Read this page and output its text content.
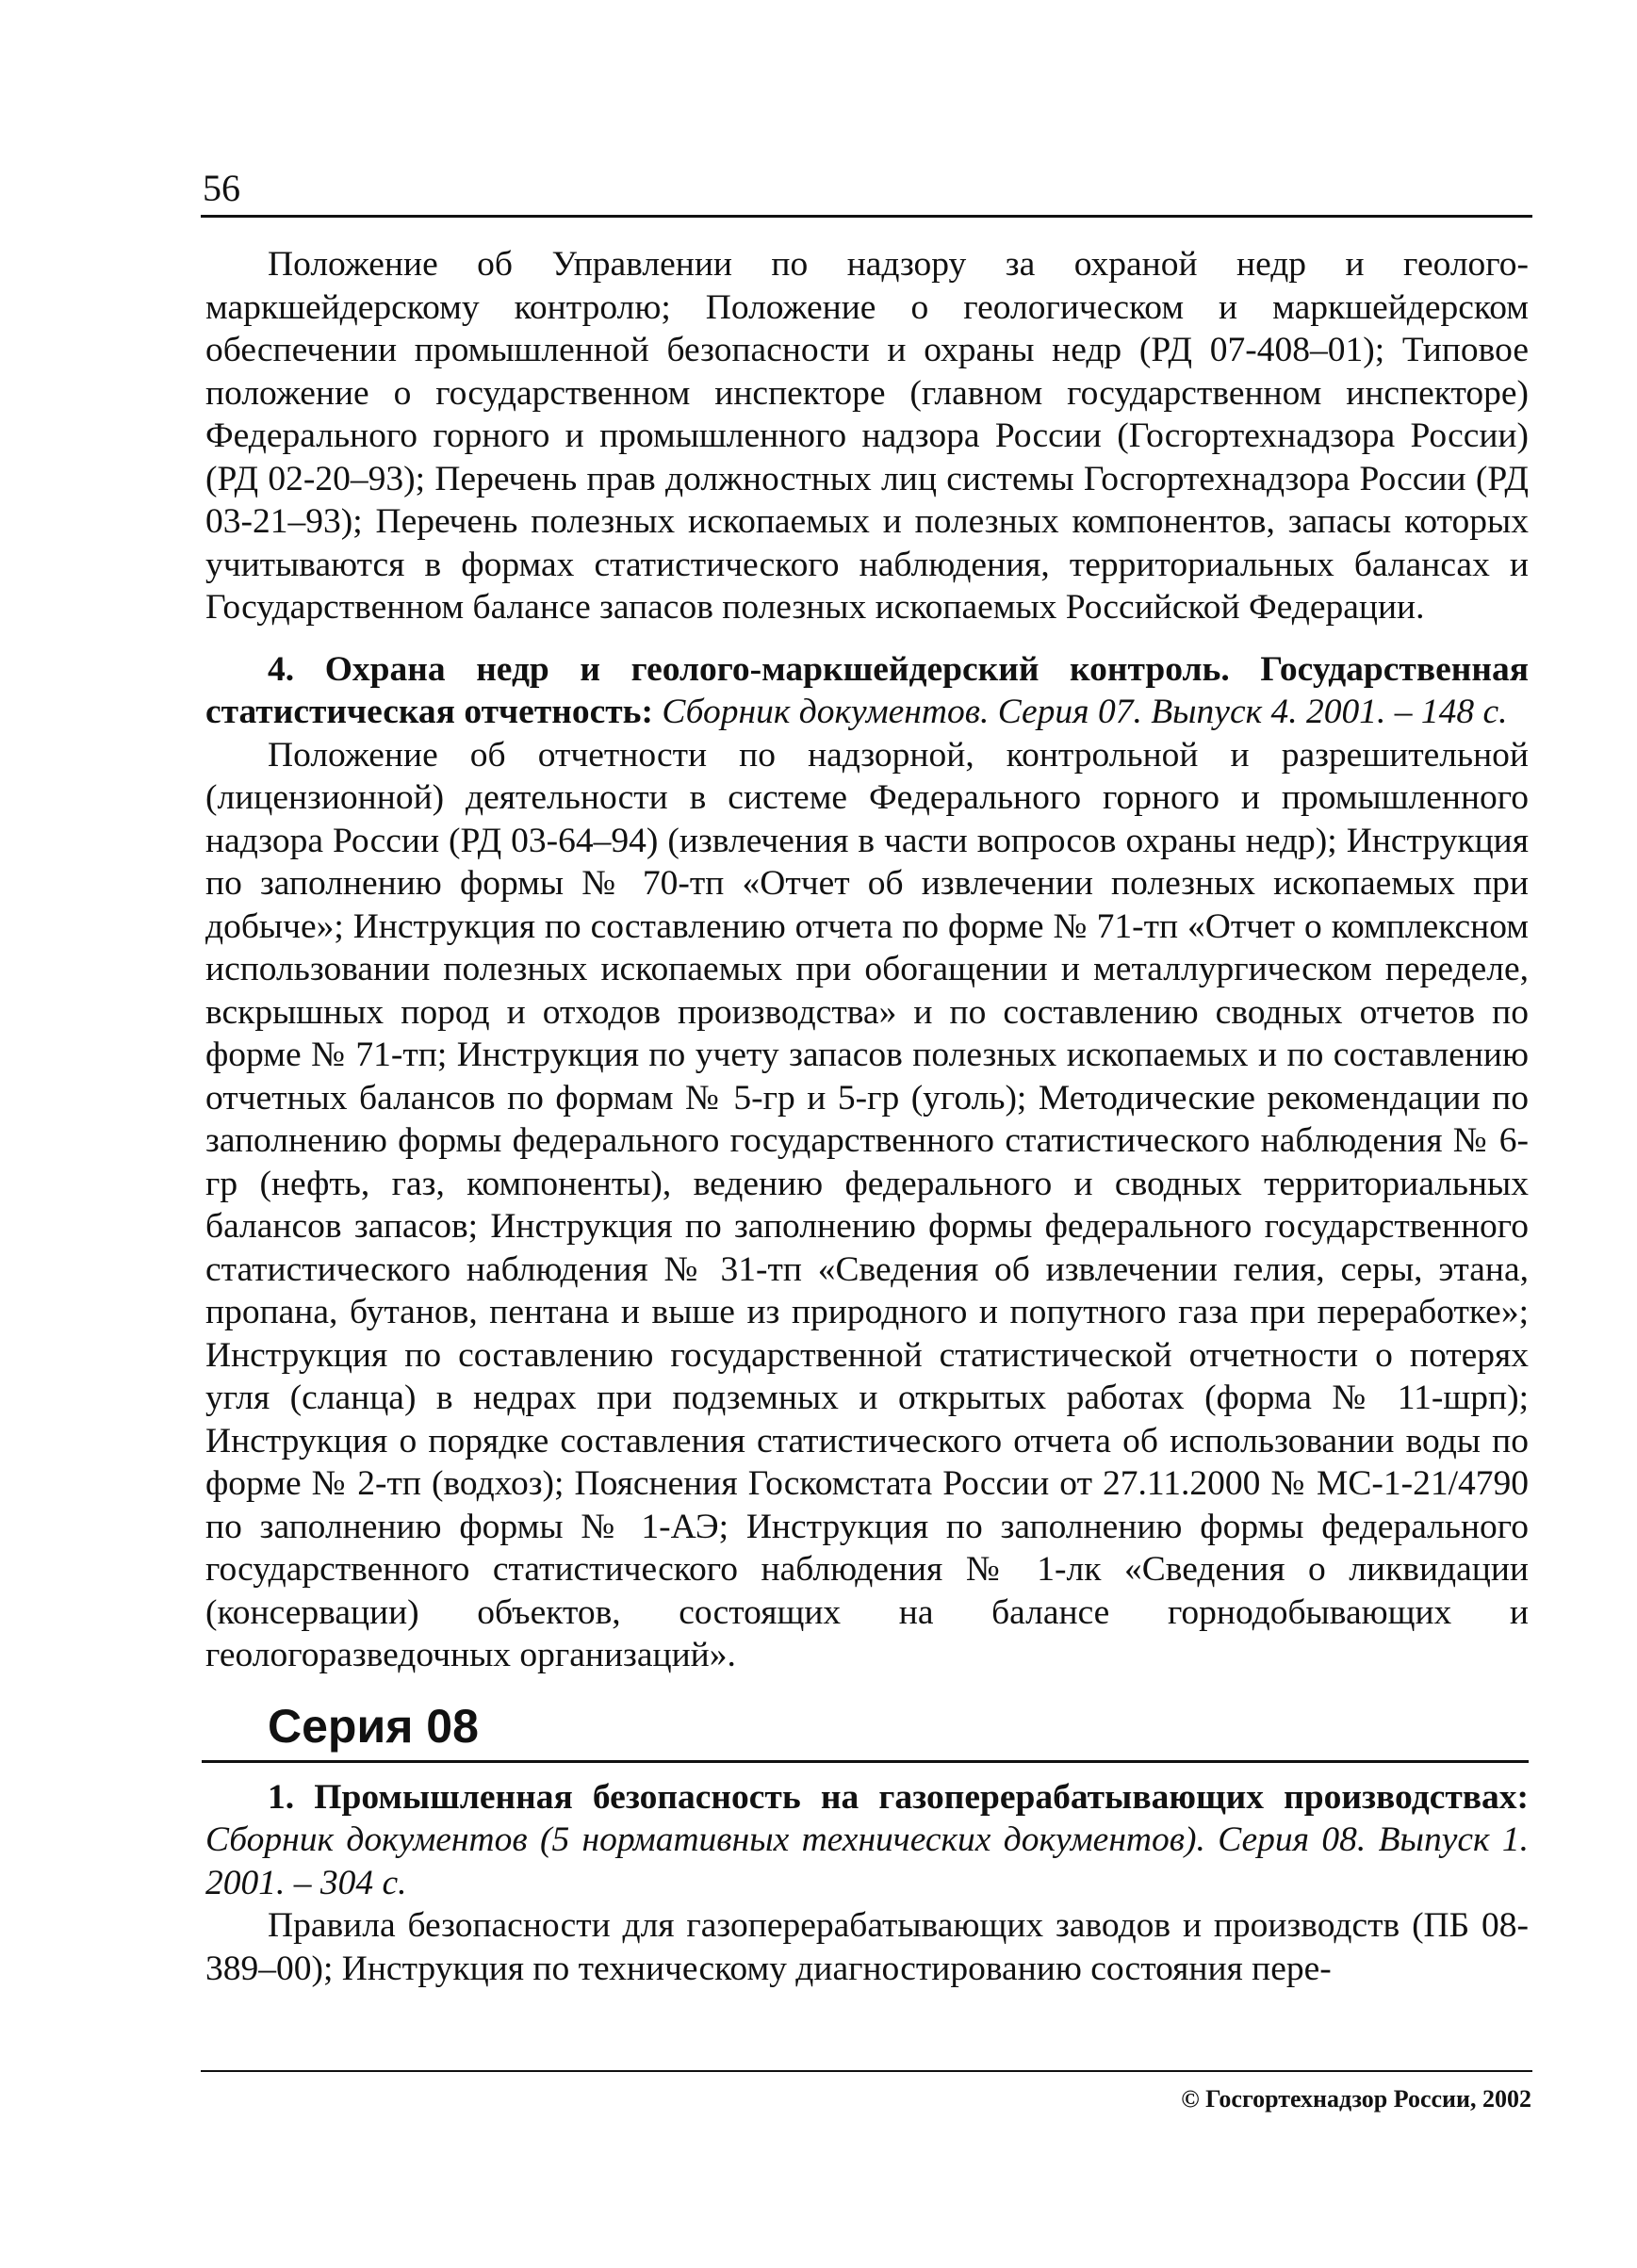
56

Положение об Управлении по надзору за охраной недр и геолого-маркшейдерскому контролю; Положение о геологическом и маркшейдерском обеспечении промышленной безопасности и охраны недр (РД 07-408–01); Типовое положение о государственном инспекторе (главном государственном инспекторе) Федерального горного и промышленного надзора России (Госгортехнадзора России) (РД 02-20–93); Перечень прав должностных лиц системы Госгортехнадзора России (РД 03-21–93); Перечень полезных ископаемых и полезных компонентов, запасы которых учитываются в формах статистического наблюдения, территориальных балансах и Государственном балансе запасов полезных ископаемых Российской Федерации.

4. Охрана недр и геолого-маркшейдерский контроль. Государственная статистическая отчетность: Сборник документов. Серия 07. Выпуск 4. 2001. – 148 с.

Положение об отчетности по надзорной, контрольной и разрешительной (лицензионной) деятельности в системе Федерального горного и промышленного надзора России (РД 03-64–94) (извлечения в части вопросов охраны недр); Инструкция по заполнению формы № 70-тп «Отчет об извлечении полезных ископаемых при добыче»; Инструкция по составлению отчета по форме № 71-тп «Отчет о комплексном использовании полезных ископаемых при обогащении и металлургическом переделе, вскрышных пород и отходов производства» и по составлению сводных отчетов по форме № 71-тп; Инструкция по учету запасов полезных ископаемых и по составлению отчетных балансов по формам № 5-гр и 5-гр (уголь); Методические рекомендации по заполнению формы федерального государственного статистического наблюдения № 6-гр (нефть, газ, компоненты), ведению федерального и сводных территориальных балансов запасов; Инструкция по заполнению формы федерального государственного статистического наблюдения № 31-тп «Сведения об извлечении гелия, серы, этана, пропана, бутанов, пентана и выше из природного и попутного газа при переработке»; Инструкция по составлению государственной статистической отчетности о потерях угля (сланца) в недрах при подземных и открытых работах (форма № 11-шрп); Инструкция о порядке составления статистического отчета об использовании воды по форме № 2-тп (водхоз); Пояснения Госкомстата России от 27.11.2000 № МС-1-21/4790 по заполнению формы № 1-АЭ; Инструкция по заполнению формы федерального государственного статистического наблюдения № 1-лк «Сведения о ликвидации (консервации) объектов, состоящих на балансе горнодобывающих и геологоразведочных организаций».

Серия 08

1. Промышленная безопасность на газоперерабатывающих производствах: Сборник документов (5 нормативных технических документов). Серия 08. Выпуск 1. 2001. – 304 с.

Правила безопасности для газоперерабатывающих заводов и производств (ПБ 08-389–00); Инструкция по техническому диагностированию состояния пере-

© Госгортехнадзор России, 2002
